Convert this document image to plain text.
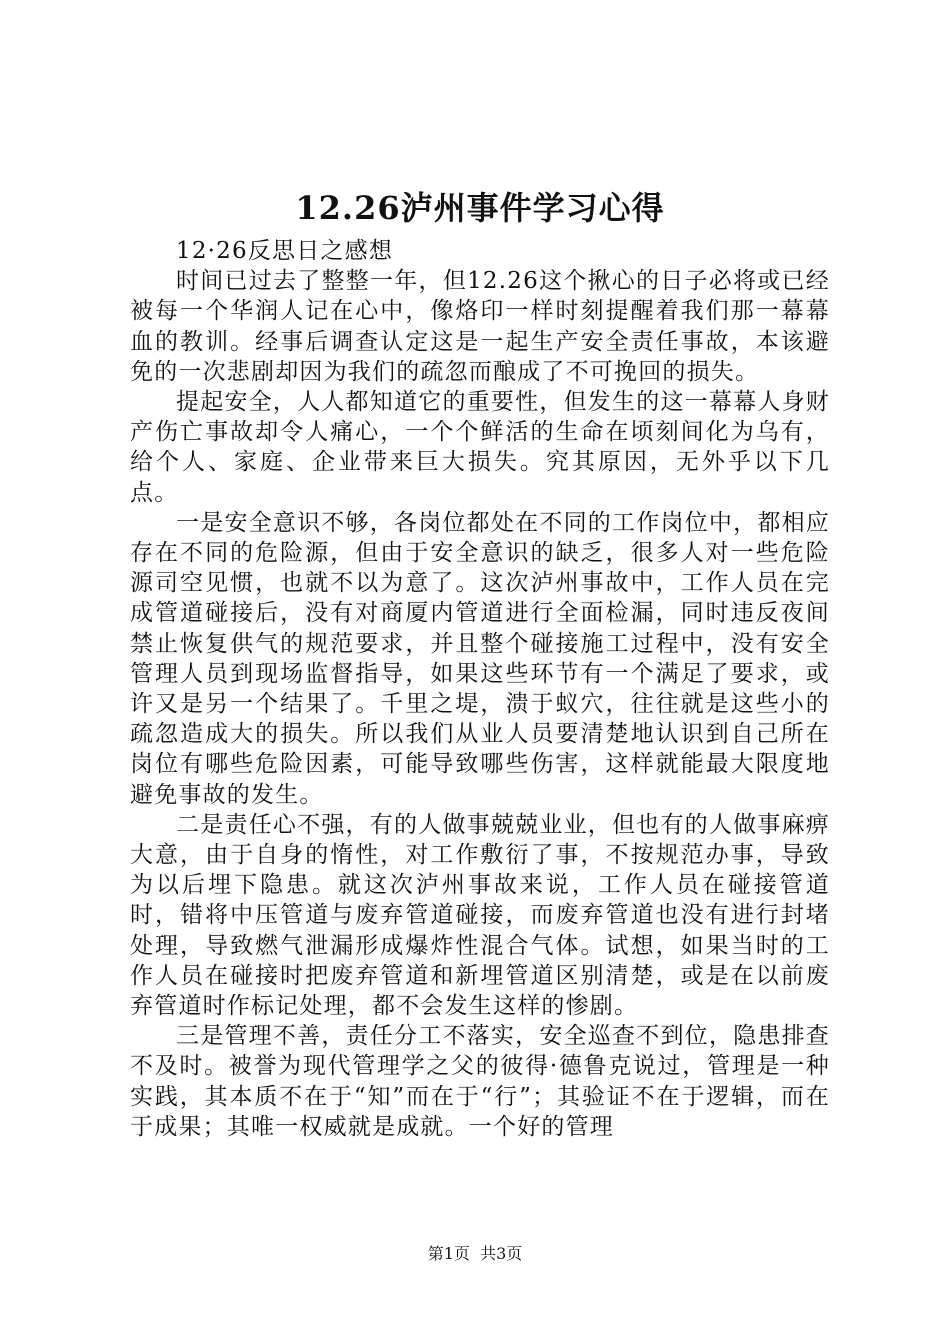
12.26泸州事件学习心得

12·26反思日之感想

时间已过去了整整一年，但12.26这个揪心的日子必将或已经被每一个华润人记在心中，像烙印一样时刻提醒着我们那一幕幕血的教训。经事后调查认定这是一起生产安全责任事故，本该避免的一次悲剧却因为我们的疏忽而酿成了不可挽回的损失。

提起安全，人人都知道它的重要性，但发生的这一幕幕人身财产伤亡事故却令人痛心，一个个鲜活的生命在顷刻间化为乌有，给个人、家庭、企业带来巨大损失。究其原因，无外乎以下几点。

一是安全意识不够，各岗位都处在不同的工作岗位中，都相应存在不同的危险源，但由于安全意识的缺乏，很多人对一些危险源司空见惯，也就不以为意了。这次泸州事故中，工作人员在完成管道碰接后，没有对商厦内管道进行全面检漏，同时违反夜间禁止恢复供气的规范要求，并且整个碰接施工过程中，没有安全管理人员到现场监督指导，如果这些环节有一个满足了要求，或许又是另一个结果了。千里之堤，溃于蚁穴，往往就是这些小的疏忽造成大的损失。所以我们从业人员要清楚地认识到自己所在岗位有哪些危险因素，可能导致哪些伤害，这样就能最大限度地避免事故的发生。

二是责任心不强，有的人做事兢兢业业，但也有的人做事麻痹大意，由于自身的惰性，对工作敷衍了事，不按规范办事，导致为以后埋下隐患。就这次泸州事故来说，工作人员在碰接管道时，错将中压管道与废弃管道碰接，而废弃管道也没有进行封堵处理，导致燃气泄漏形成爆炸性混合气体。试想，如果当时的工作人员在碰接时把废弃管道和新埋管道区别清楚，或是在以前废弃管道时作标记处理，都不会发生这样的惨剧。

三是管理不善，责任分工不落实，安全巡查不到位，隐患排查不及时。被誉为现代管理学之父的彼得·德鲁克说过，管理是一种实践，其本质不在于“知”而在于“行”；其验证不在于逻辑，而在于成果；其唯一权威就是成就。一个好的管理

第1页  共3页
